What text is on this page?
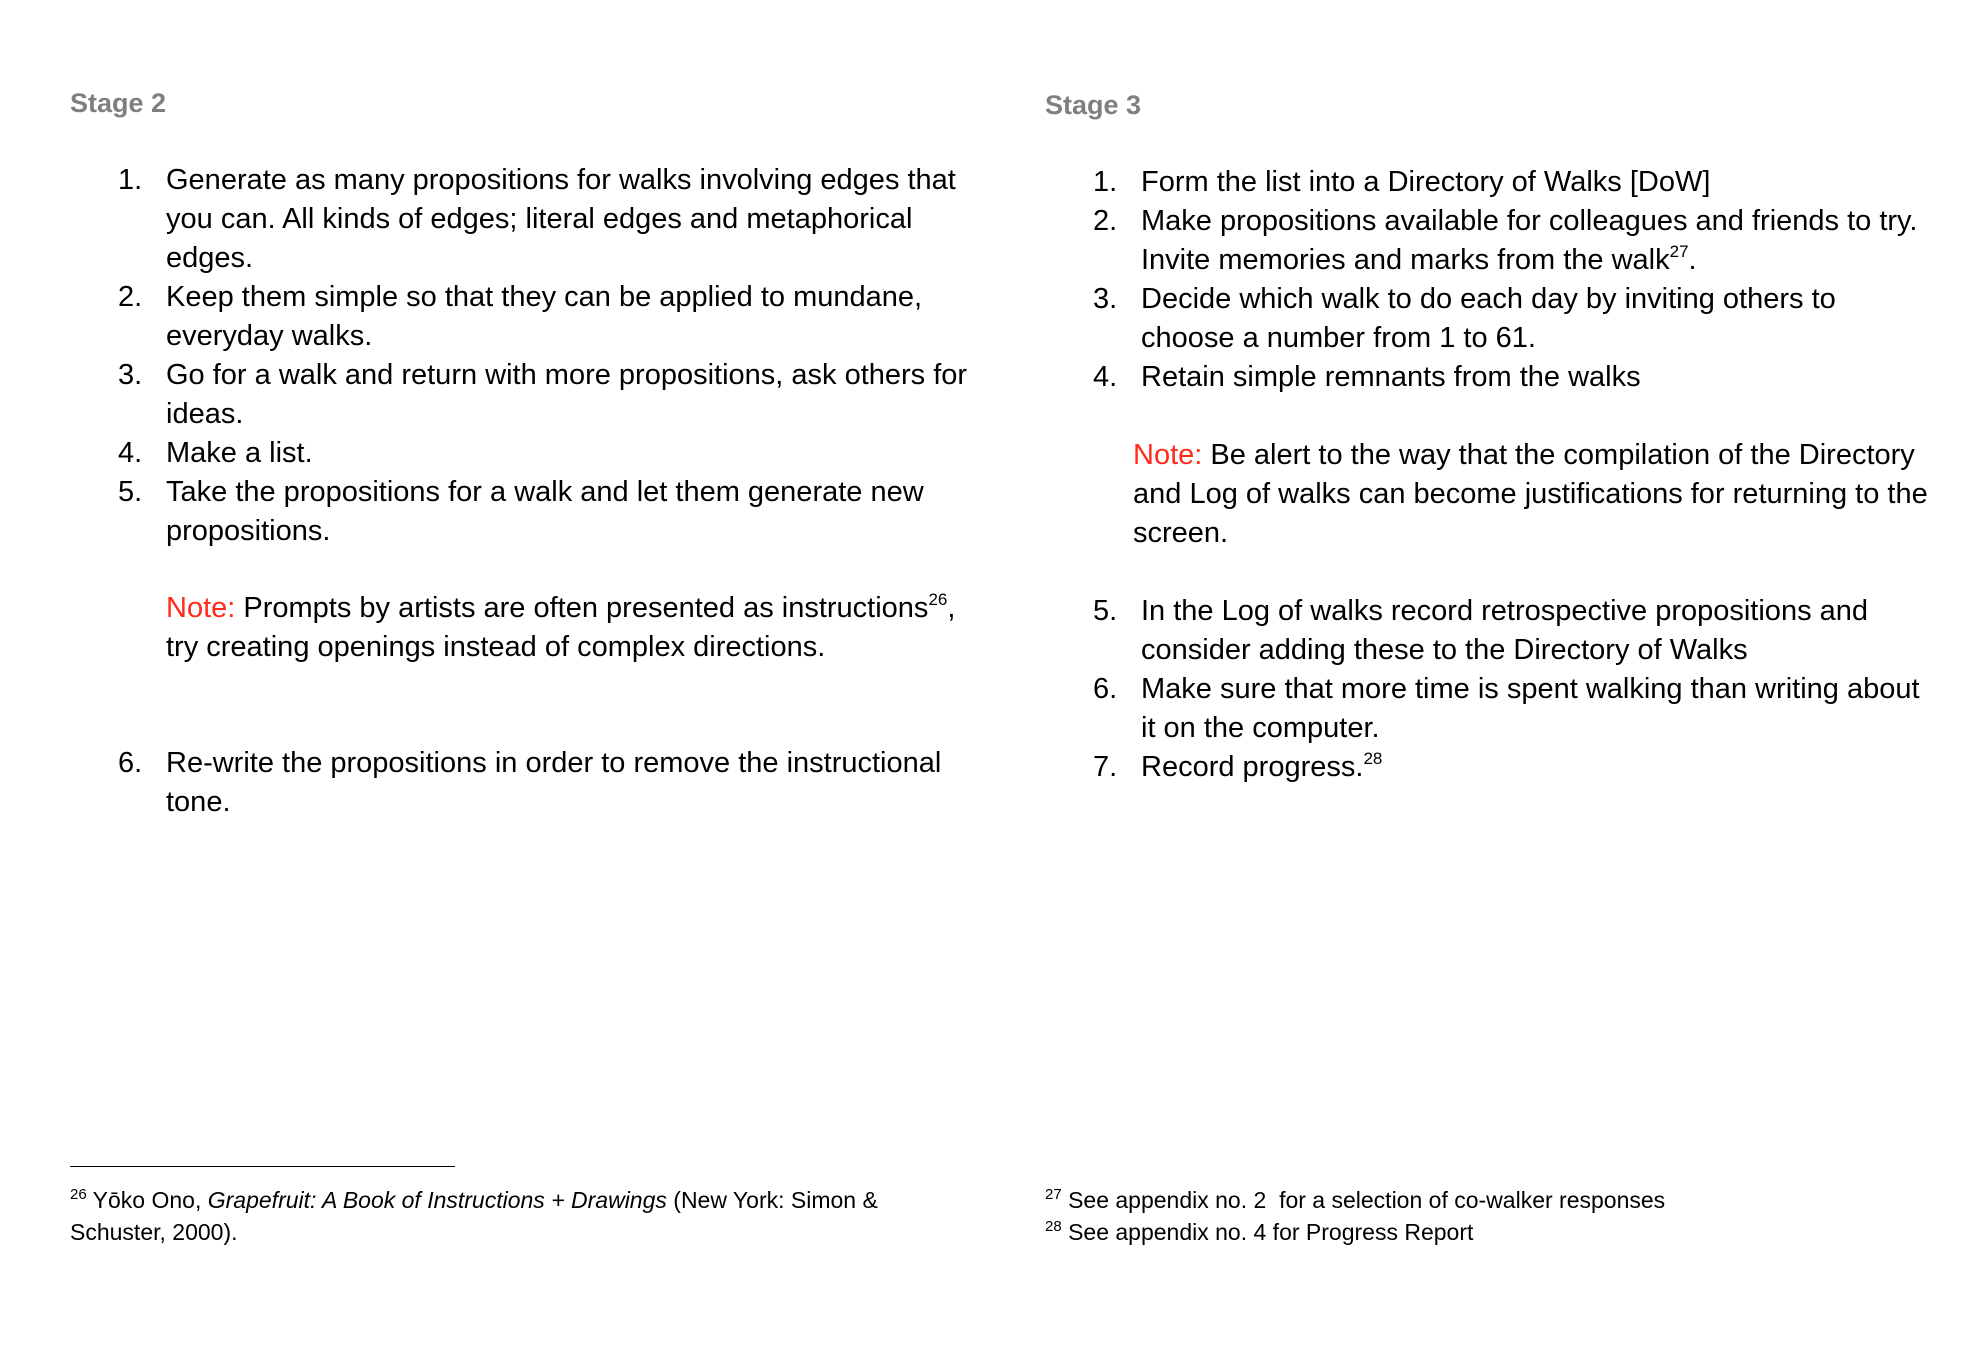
Stage 2
1. Generate as many propositions for walks involving edges that you can. All kinds of edges; literal edges and metaphorical edges.
2. Keep them simple so that they can be applied to mundane, everyday walks.
3. Go for a walk and return with more propositions, ask others for ideas.
4. Make a list.
5. Take the propositions for a walk and let them generate new propositions.
Note: Prompts by artists are often presented as instructions$^{26}$, try creating openings instead of complex directions.
6. Re-write the propositions in order to remove the instructional tone.
Stage 3
1. Form the list into a Directory of Walks [DoW]
2. Make propositions available for colleagues and friends to try. Invite memories and marks from the walk$^{27}$.
3. Decide which walk to do each day by inviting others to choose a number from 1 to 61.
4. Retain simple remnants from the walks
Note: Be alert to the way that the compilation of the Directory and Log of walks can become justifications for returning to the screen.
5. In the Log of walks record retrospective propositions and consider adding these to the Directory of Walks
6. Make sure that more time is spent walking than writing about it on the computer.
7. Record progress.$^{28}$
$^{26}$ Yōko Ono, Grapefruit: A Book of Instructions + Drawings (New York: Simon & Schuster, 2000).
$^{27}$ See appendix no. 2  for a selection of co-walker responses
$^{28}$ See appendix no. 4 for Progress Report
